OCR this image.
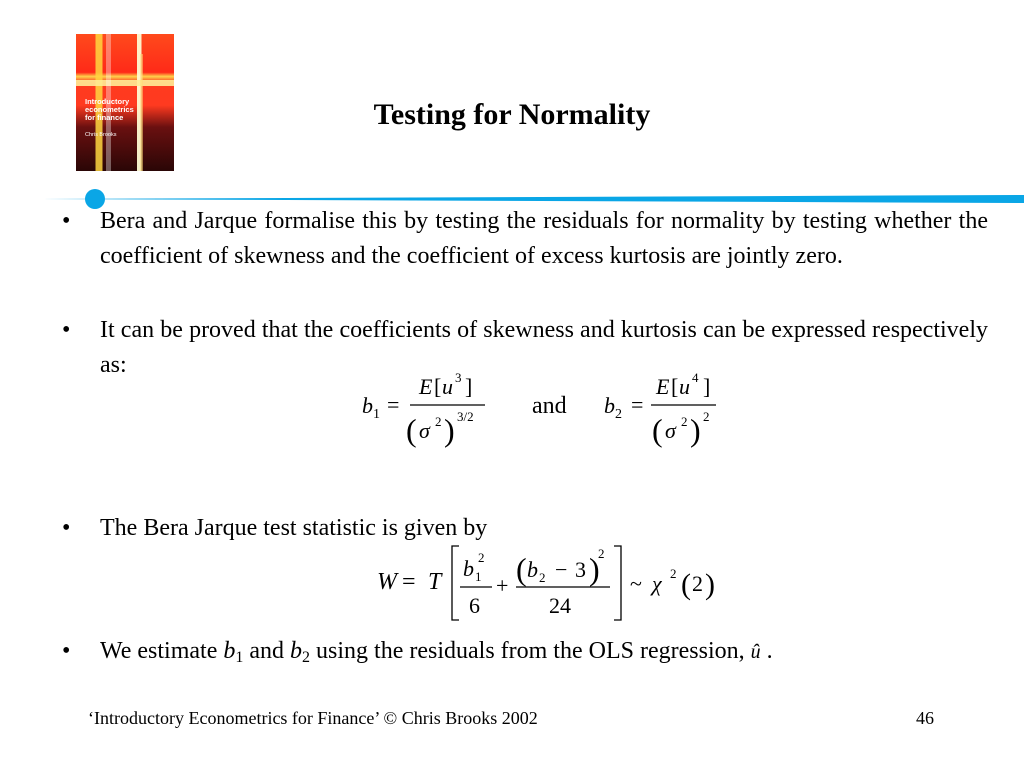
Introductory
econometrics
for finance
Chris Brooks
Testing for Normality
• Bera and Jarque formalise this by testing the residuals for normality by testing whether the coefficient of skewness and the coefficient of excess kurtosis are jointly zero.
• It can be proved that the coefficients of skewness and kurtosis can be expressed respectively as:
• The Bera Jarque test statistic is given by
• We estimate $b_1$ and $b_2$ using the residuals from the OLS regression, û .
b 1 =
E [ u 3 ]
( σ 2 ) 3/2 and b 2 =
E [ u 4 ]
( σ 2 ) 2
W = T
b 2
1
6
+ ( b 2 − 3 )
2
24
~ χ 2 ( 2 )
‘Introductory Econometrics for Finance’ © Chris Brooks 2002	46
